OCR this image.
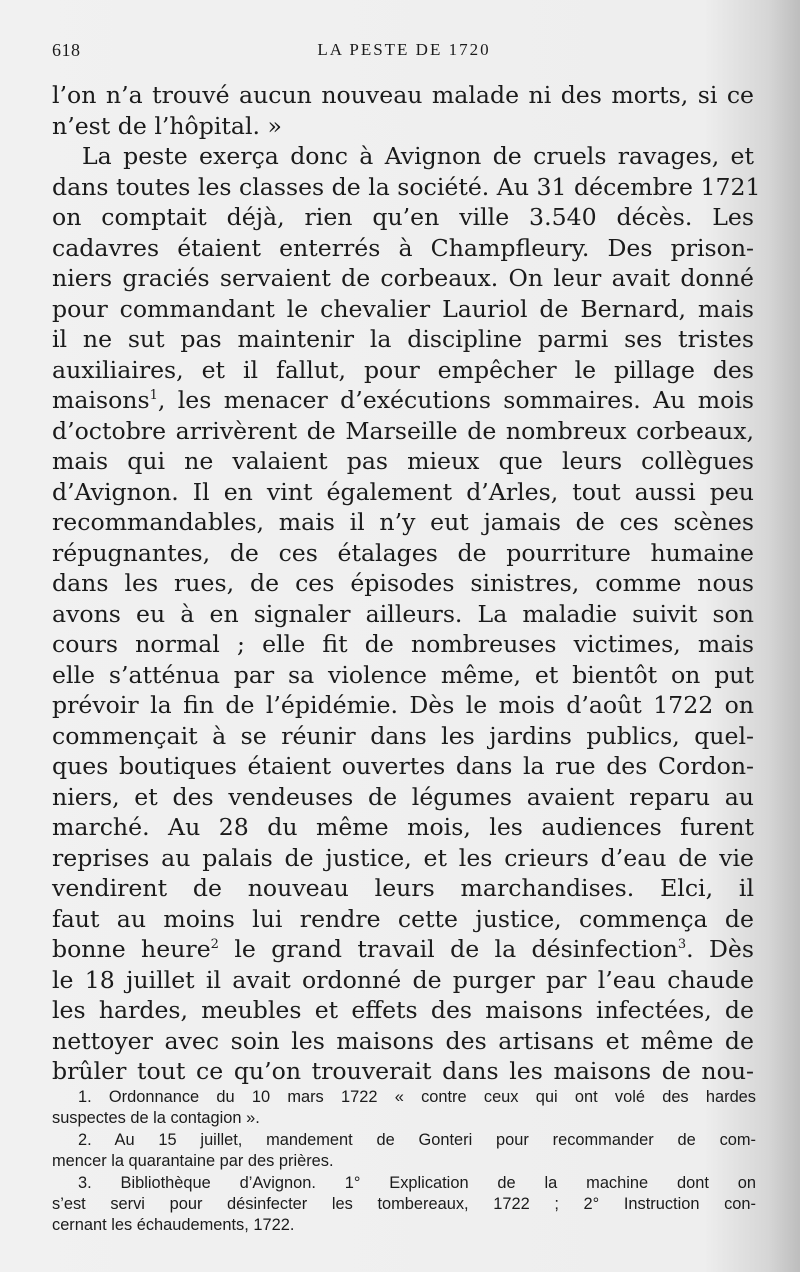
618	LA PESTE DE 1720
l’on n’a trouvé aucun nouveau malade ni des morts, si ce
n’est de l’hôpital. »
La peste exerça donc à Avignon de cruels ravages, et
dans toutes les classes de la société. Au 31 décembre 1721
on comptait déjà, rien qu’en ville 3.540 décès. Les
cadavres étaient enterrés à Champfleury. Des prison-
niers graciés servaient de corbeaux. On leur avait donné
pour commandant le chevalier Lauriol de Bernard, mais
il ne sut pas maintenir la discipline parmi ses tristes
auxiliaires, et il fallut, pour empêcher le pillage des
maisons$^1$, les menacer d’exécutions sommaires. Au mois
d’octobre arrivèrent de Marseille de nombreux corbeaux,
mais qui ne valaient pas mieux que leurs collègues
d’Avignon. Il en vint également d’Arles, tout aussi peu
recommandables, mais il n’y eut jamais de ces scènes
répugnantes, de ces étalages de pourriture humaine
dans les rues, de ces épisodes sinistres, comme nous
avons eu à en signaler ailleurs. La maladie suivit son
cours normal ; elle fit de nombreuses victimes, mais
elle s’atténua par sa violence même, et bientôt on put
prévoir la fin de l’épidémie. Dès le mois d’août 1722 on
commençait à se réunir dans les jardins publics, quel-
ques boutiques étaient ouvertes dans la rue des Cordon-
niers, et des vendeuses de légumes avaient reparu au
marché. Au 28 du même mois, les audiences furent
reprises au palais de justice, et les crieurs d’eau de vie
vendirent de nouveau leurs marchandises. Elci, il
faut au moins lui rendre cette justice, commença de
bonne heure$^2$ le grand travail de la désinfection$^3$. Dès
le 18 juillet il avait ordonné de purger par l’eau chaude
les hardes, meubles et effets des maisons infectées, de
nettoyer avec soin les maisons des artisans et même de
brûler tout ce qu’on trouverait dans les maisons de nou-
1. Ordonnance du 10 mars 1722 « contre ceux qui ont volé des hardes
suspectes de la contagion ».
2. Au 15 juillet, mandement de Gonteri pour recommander de com-
mencer la quarantaine par des prières.
3. Bibliothèque d’Avignon. 1° Explication de la machine dont on
s’est servi pour désinfecter les tombereaux, 1722 ; 2° Instruction con-
cernant les échaudements, 1722.
